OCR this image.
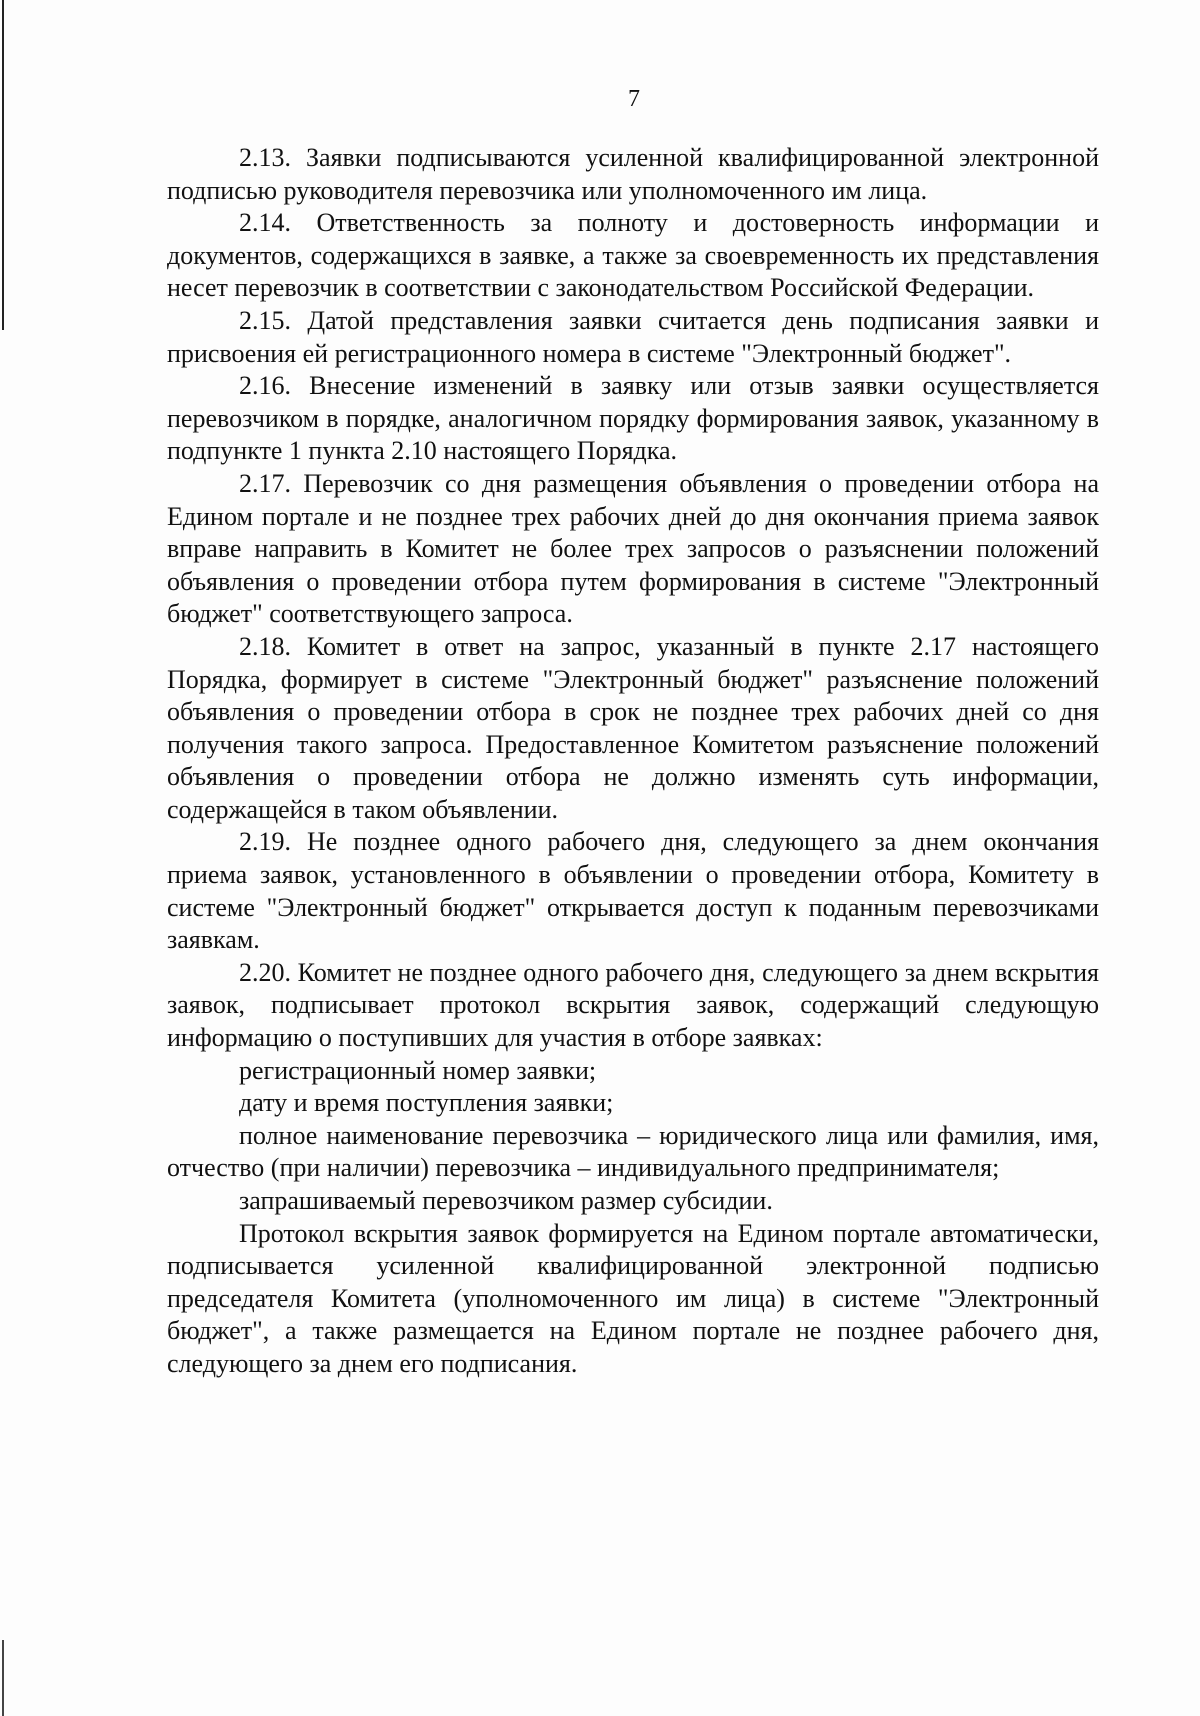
7

2.13. Заявки подписываются усиленной квалифицированной электронной подписью руководителя перевозчика или уполномоченного им лица.

2.14. Ответственность за полноту и достоверность информации и документов, содержащихся в заявке, а также за своевременность их представления несет перевозчик в соответствии с законодательством Российской Федерации.

2.15. Датой представления заявки считается день подписания заявки и присвоения ей регистрационного номера в системе "Электронный бюджет".

2.16. Внесение изменений в заявку или отзыв заявки осуществляется перевозчиком в порядке, аналогичном порядку формирования заявок, указанному в подпункте 1 пункта 2.10 настоящего Порядка.

2.17. Перевозчик со дня размещения объявления о проведении отбора на Едином портале и не позднее трех рабочих дней до дня окончания приема заявок вправе направить в Комитет не более трех запросов о разъяснении положений объявления о проведении отбора путем формирования в системе "Электронный бюджет" соответствующего запроса.

2.18. Комитет в ответ на запрос, указанный в пункте 2.17 настоящего Порядка, формирует в системе "Электронный бюджет" разъяснение положений объявления о проведении отбора в срок не позднее трех рабочих дней со дня получения такого запроса. Предоставленное Комитетом разъяснение положений объявления о проведении отбора не должно изменять суть информации, содержащейся в таком объявлении.

2.19. Не позднее одного рабочего дня, следующего за днем окончания приема заявок, установленного в объявлении о проведении отбора, Комитету в системе "Электронный бюджет" открывается доступ к поданным перевозчиками заявкам.

2.20. Комитет не позднее одного рабочего дня, следующего за днем вскрытия заявок, подписывает протокол вскрытия заявок, содержащий следующую информацию о поступивших для участия в отборе заявках:

регистрационный номер заявки;

дату и время поступления заявки;

полное наименование перевозчика – юридического лица или фамилия, имя, отчество (при наличии) перевозчика – индивидуального предпринимателя;

запрашиваемый перевозчиком размер субсидии.

Протокол вскрытия заявок формируется на Едином портале автоматически, подписывается усиленной квалифицированной электронной подписью председателя Комитета (уполномоченного им лица) в системе "Электронный бюджет", а также размещается на Едином портале не позднее рабочего дня, следующего за днем его подписания.
